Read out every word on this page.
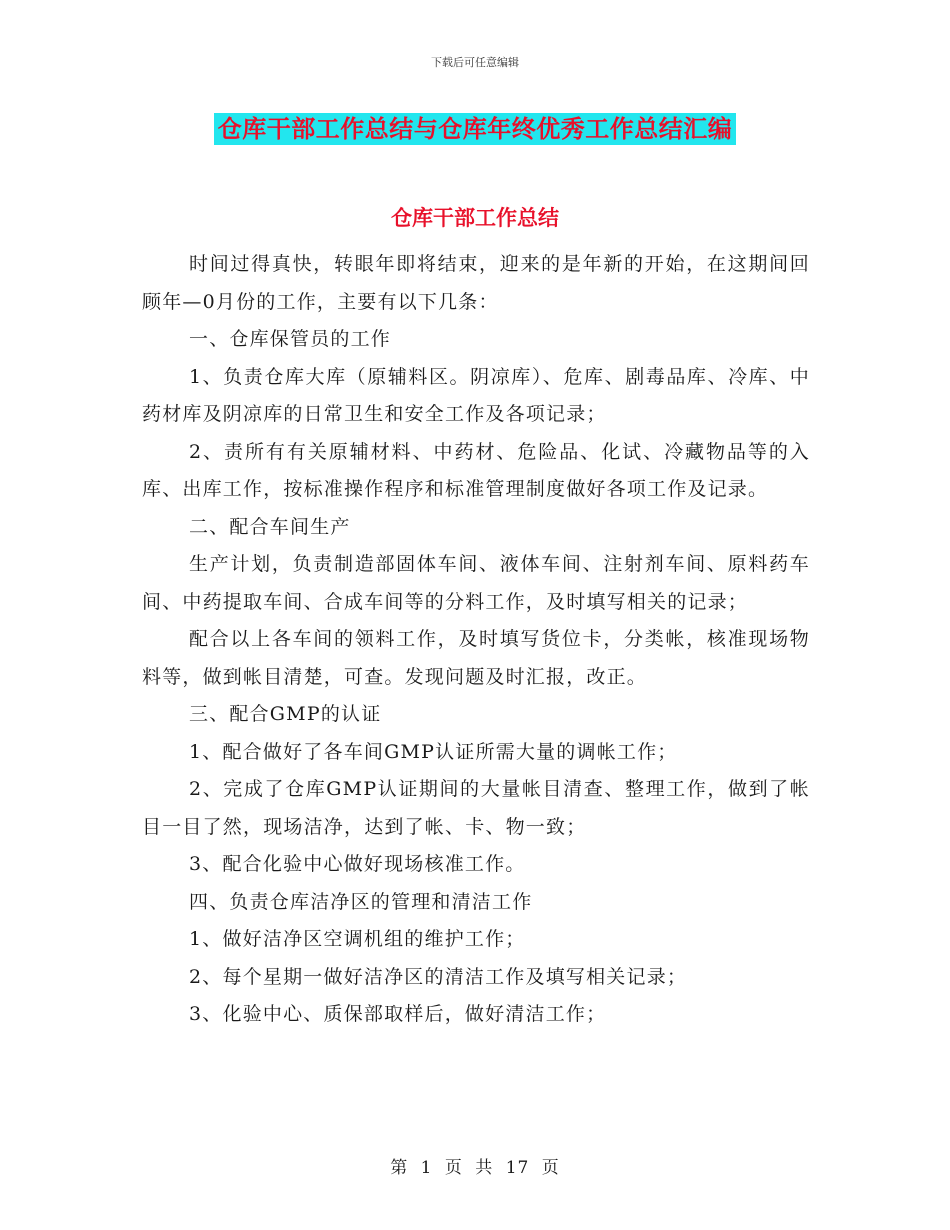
下载后可任意编辑
仓库干部工作总结与仓库年终优秀工作总结汇编
仓库干部工作总结

时间过得真快，转眼年即将结束，迎来的是年新的开始，在这期间回顾年—0月份的工作，主要有以下几条：

一、仓库保管员的工作

1、负责仓库大库（原辅料区。阴凉库）、危库、剧毒品库、冷库、中药材库及阴凉库的日常卫生和安全工作及各项记录；

2、责所有有关原辅材料、中药材、危险品、化试、冷藏物品等的入库、出库工作，按标准操作程序和标准管理制度做好各项工作及记录。

二、配合车间生产

生产计划，负责制造部固体车间、液体车间、注射剂车间、原料药车间、中药提取车间、合成车间等的分料工作，及时填写相关的记录；

配合以上各车间的领料工作，及时填写货位卡，分类帐，核准现场物料等，做到帐目清楚，可查。发现问题及时汇报，改正。

三、配合GMP的认证

1、配合做好了各车间GMP认证所需大量的调帐工作；

2、完成了仓库GMP认证期间的大量帐目清查、整理工作，做到了帐目一目了然，现场洁净，达到了帐、卡、物一致；

3、配合化验中心做好现场核准工作。

四、负责仓库洁净区的管理和清洁工作

1、做好洁净区空调机组的维护工作；

2、每个星期一做好洁净区的清洁工作及填写相关记录；

3、化验中心、质保部取样后，做好清洁工作；

第 1 页 共 17 页
